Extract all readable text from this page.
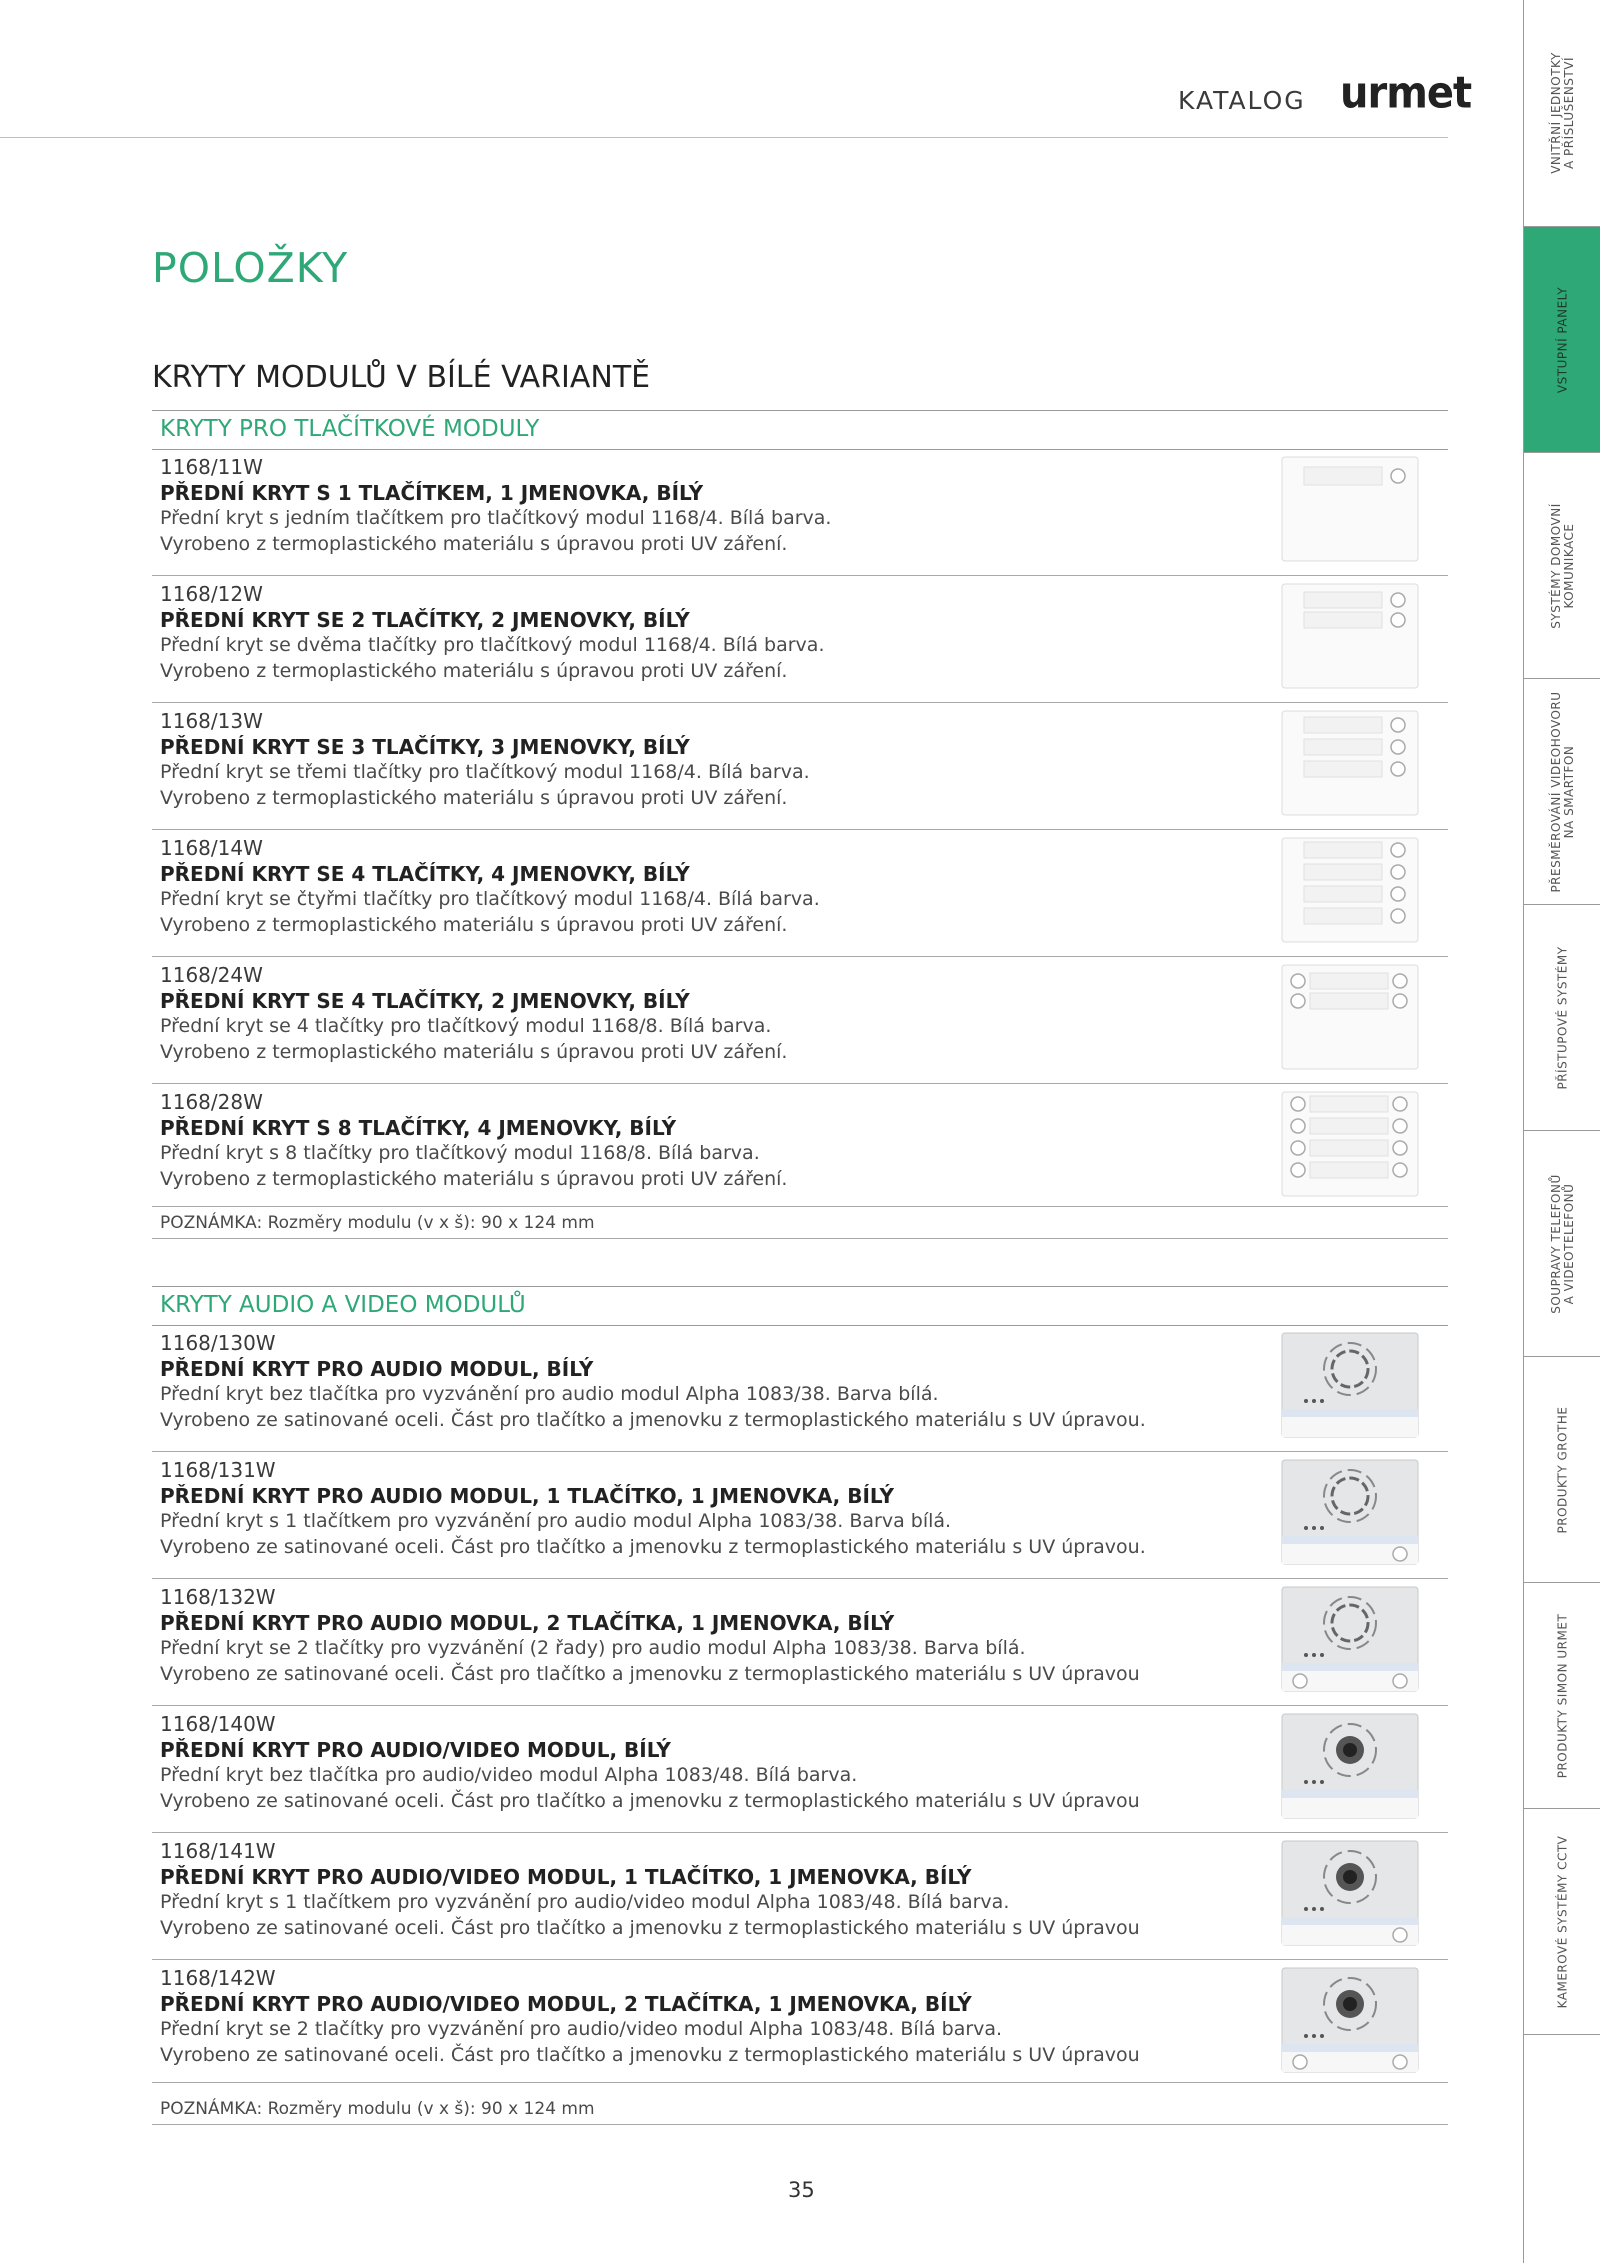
KATALOG urmet
POLOŽKY
KRYTY MODULŮ V BÍLÉ VARIANTĚ
KRYTY PRO TLAČÍTKOVÉ MODULY
1168/11W
PŘEDNÍ KRYT S 1 TLAČÍTKEM, 1 JMENOVKA, BÍLÝ
Přední kryt s jedním tlačítkem pro tlačítkový modul 1168/4. Bílá barva.
Vyrobeno z termoplastického materiálu s úpravou proti UV záření.
1168/12W
PŘEDNÍ KRYT SE 2 TLAČÍTKY, 2 JMENOVKY, BÍLÝ
Přední kryt se dvěma tlačítky pro tlačítkový modul 1168/4. Bílá barva.
Vyrobeno z termoplastického materiálu s úpravou proti UV záření.
1168/13W
PŘEDNÍ KRYT SE 3 TLAČÍTKY, 3 JMENOVKY, BÍLÝ
Přední kryt se třemi tlačítky pro tlačítkový modul 1168/4. Bílá barva.
Vyrobeno z termoplastického materiálu s úpravou proti UV záření.
1168/14W
PŘEDNÍ KRYT SE 4 TLAČÍTKY, 4 JMENOVKY, BÍLÝ
Přední kryt se čtyřmi tlačítky pro tlačítkový modul 1168/4. Bílá barva.
Vyrobeno z termoplastického materiálu s úpravou proti UV záření.
1168/24W
PŘEDNÍ KRYT SE 4 TLAČÍTKY, 2 JMENOVKY, BÍLÝ
Přední kryt se 4 tlačítky pro tlačítkový modul 1168/8. Bílá barva.
Vyrobeno z termoplastického materiálu s úpravou proti UV záření.
1168/28W
PŘEDNÍ KRYT S 8 TLAČÍTKY, 4 JMENOVKY, BÍLÝ
Přední kryt s 8 tlačítky pro tlačítkový modul 1168/8. Bílá barva.
Vyrobeno z termoplastického materiálu s úpravou proti UV záření.
POZNÁMKA: Rozměry modulu (v x š): 90 x 124 mm
KRYTY AUDIO A VIDEO MODULŮ
1168/130W
PŘEDNÍ KRYT PRO AUDIO MODUL, BÍLÝ
Přední kryt bez tlačítka pro vyzvánění pro audio modul Alpha 1083/38. Barva bílá.
Vyrobeno ze satinované oceli. Část pro tlačítko a jmenovku z termoplastického materiálu s UV úpravou.
1168/131W
PŘEDNÍ KRYT PRO AUDIO MODUL, 1 TLAČÍTKO, 1 JMENOVKA, BÍLÝ
Přední kryt s 1 tlačítkem pro vyzvánění pro audio modul Alpha 1083/38. Barva bílá.
Vyrobeno ze satinované oceli. Část pro tlačítko a jmenovku z termoplastického materiálu s UV úpravou.
1168/132W
PŘEDNÍ KRYT PRO AUDIO MODUL, 2 TLAČÍTKA, 1 JMENOVKA, BÍLÝ
Přední kryt se 2 tlačítky pro vyzvánění (2 řady) pro audio modul Alpha 1083/38. Barva bílá.
Vyrobeno ze satinované oceli. Část pro tlačítko a jmenovku z termoplastického materiálu s UV úpravou
1168/140W
PŘEDNÍ KRYT PRO AUDIO/VIDEO MODUL, BÍLÝ
Přední kryt bez tlačítka pro audio/video modul Alpha 1083/48. Bílá barva.
Vyrobeno ze satinované oceli. Část pro tlačítko a jmenovku z termoplastického materiálu s UV úpravou
1168/141W
PŘEDNÍ KRYT PRO AUDIO/VIDEO MODUL, 1 TLAČÍTKO, 1 JMENOVKA, BÍLÝ
Přední kryt s 1 tlačítkem pro vyzvánění pro audio/video modul Alpha 1083/48. Bílá barva.
Vyrobeno ze satinované oceli. Část pro tlačítko a jmenovku z termoplastického materiálu s UV úpravou
1168/142W
PŘEDNÍ KRYT PRO AUDIO/VIDEO MODUL, 2 TLAČÍTKA, 1 JMENOVKA, BÍLÝ
Přední kryt se 2 tlačítky pro vyzvánění pro audio/video modul Alpha 1083/48. Bílá barva.
Vyrobeno ze satinované oceli. Část pro tlačítko a jmenovku z termoplastického materiálu s UV úpravou
POZNÁMKA: Rozměry modulu (v x š): 90 x 124 mm
35
VNITŘNÍ JEDNOTKY
A PŘÍSLUŠENSTVÍ
VSTUPNÍ PANELY
SYSTÉMY DOMOVNÍ
KOMUNIKACE
PŘESMĚROVÁNÍ VIDEOHOVORU
NA SMARTFON
PŘÍSTUPOVÉ SYSTÉMY
SOUPRAVY TELEFONŮ
A VIDEOTELEFONŮ
PRODUKTY GROTHE
PRODUKTY SIMON URMET
KAMEROVÉ SYSTÉMY CCTV
